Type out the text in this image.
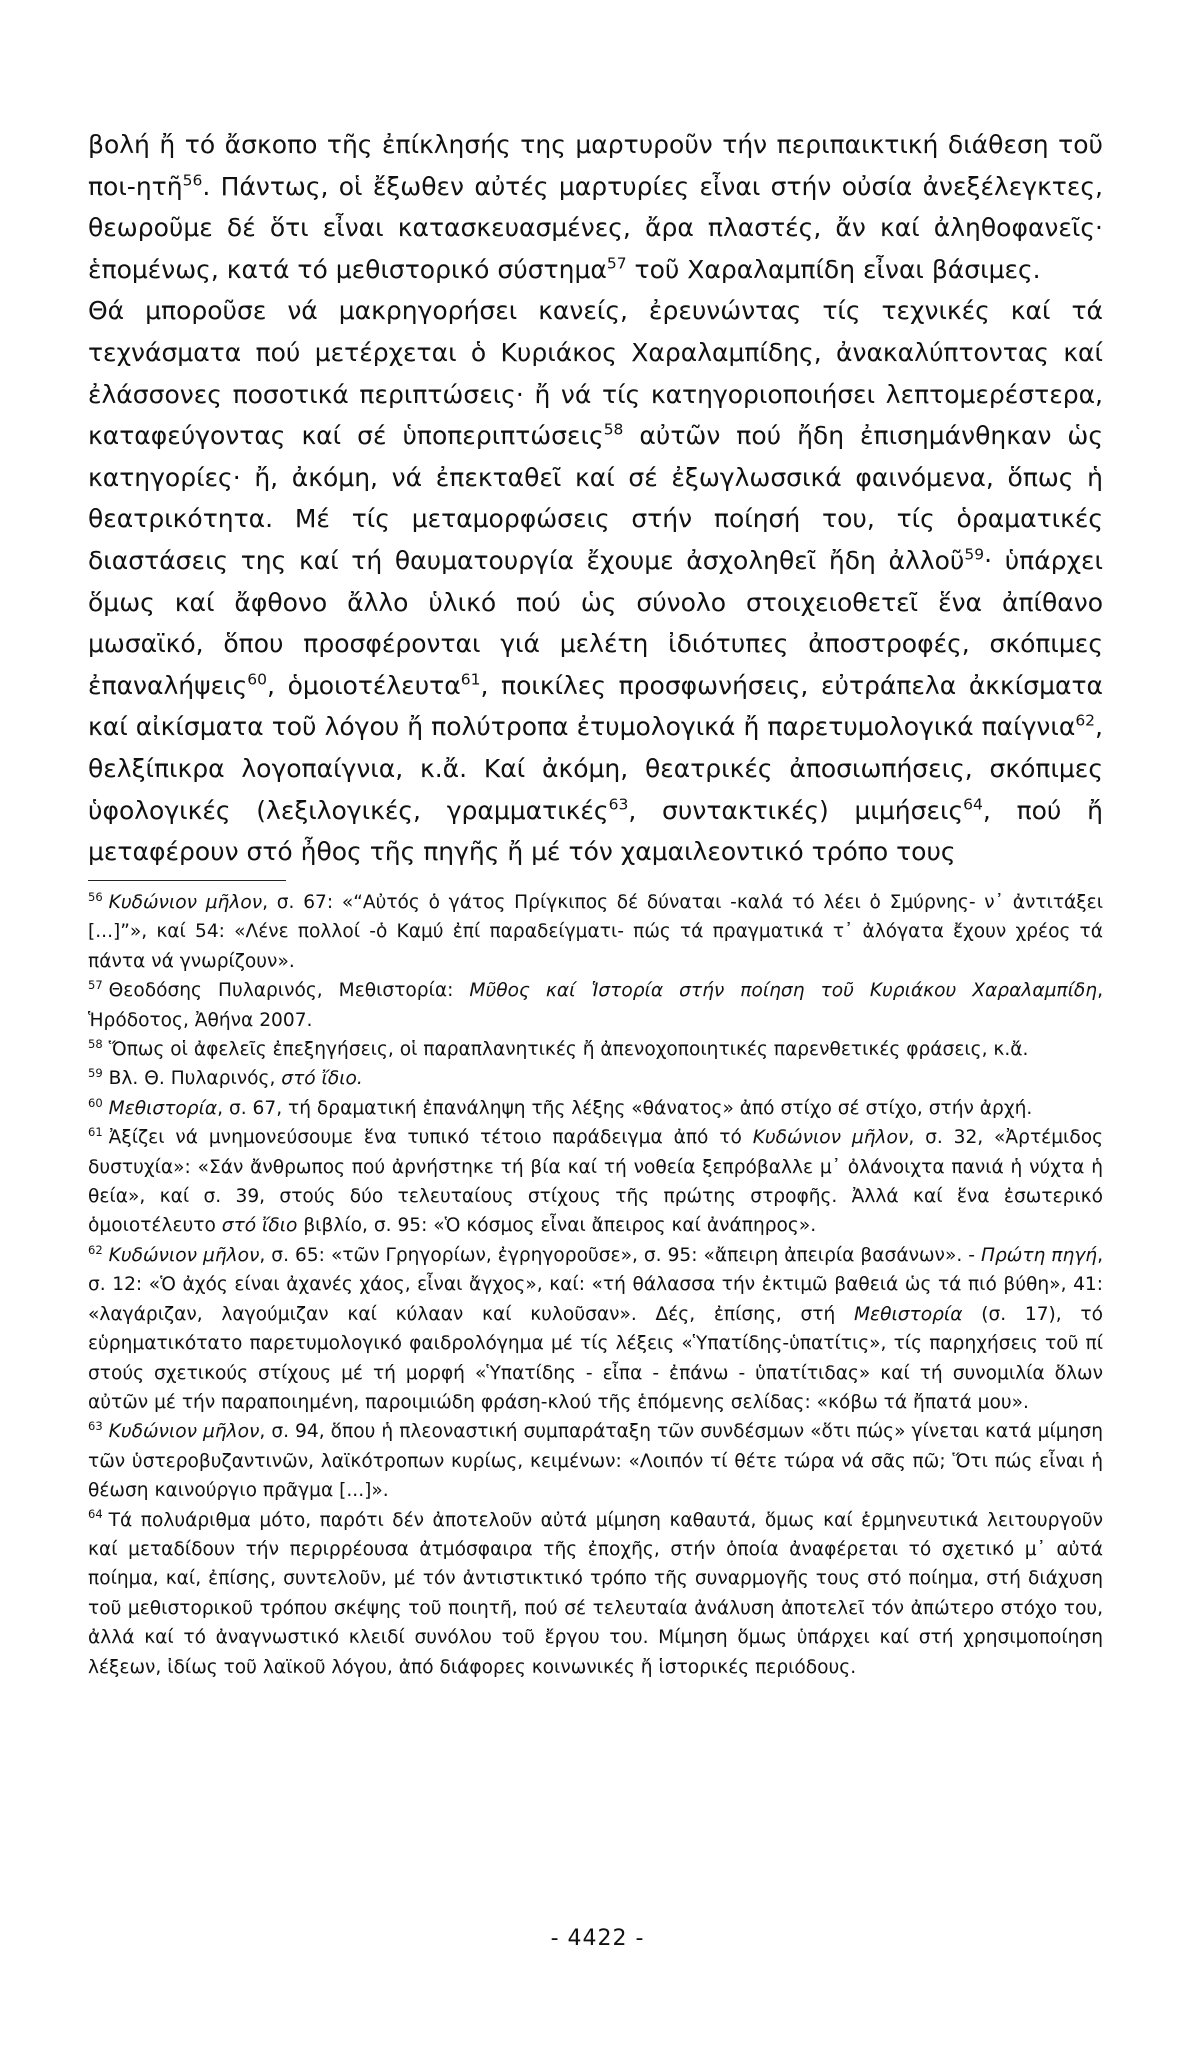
βολή ἤ τό ἄσκοπο τῆς ἐπίκλησής της μαρτυροῦν τήν περιπαικτική διάθεση τοῦ ποι-ητῆ$^{56}$. Πάντως, οἱ ἔξωθεν αὐτές μαρτυρίες εἶναι στήν οὐσία ἀνεξέλεγκτες, θεωροῦμε δέ ὅτι εἶναι κατασκευασμένες, ἄρα πλαστές, ἄν καί ἀληθοφανεῖς· ἑπομένως, κατά τό μεθιστορικό σύστημα$^{57}$ τοῦ Χαραλαμπίδη εἶναι βάσιμες.

Θά μποροῦσε νά μακρηγορήσει κανείς, ἐρευνώντας τίς τεχνικές καί τά τεχνάσματα πού μετέρχεται ὁ Κυριάκος Χαραλαμπίδης, ἀνακαλύπτοντας καί ἐλάσσονες ποσοτικά περιπτώσεις· ἤ νά τίς κατηγοριοποιήσει λεπτομερέστερα, καταφεύγοντας καί σέ ὑποπεριπτώσεις$^{58}$ αὐτῶν πού ἤδη ἐπισημάνθηκαν ὡς κατηγορίες· ἤ, ἀκόμη, νά ἐπεκταθεῖ καί σέ ἐξωγλωσσικά φαινόμενα, ὅπως ἡ θεατρικότητα. Μέ τίς μεταμορφώσεις στήν ποίησή του, τίς ὁραματικές διαστάσεις της καί τή θαυματουργία ἔχουμε ἀσχοληθεῖ ἤδη ἀλλοῦ$^{59}$· ὑπάρχει ὅμως καί ἄφθονο ἄλλο ὑλικό πού ὡς σύνολο στοιχειοθετεῖ ἕνα ἀπίθανο μωσαϊκό, ὅπου προσφέρονται γιά μελέτη ἰδιότυπες ἀποστροφές, σκόπιμες ἐπαναλήψεις$^{60}$, ὁμοιοτέλευτα$^{61}$, ποικίλες προσφωνήσεις, εὐτράπελα ἀκκίσματα καί αἰκίσματα τοῦ λόγου ἤ πολύτροπα ἐτυμολογικά ἤ παρετυμολογικά παίγνια$^{62}$, θελξίπικρα λογοπαίγνια, κ.ἄ. Καί ἀκόμη, θεατρικές ἀποσιωπήσεις, σκόπιμες ὑφολογικές (λεξιλογικές, γραμματικές$^{63}$, συντακτικές) μιμήσεις$^{64}$, πού ἤ μεταφέρουν στό ἦθος τῆς πηγῆς ἤ μέ τόν χαμαιλεοντικό τρόπο τους

$^{56}$ Κυδώνιον μῆλον, σ. 67: «“Αὐτός ὁ γάτος Πρίγκιπος δέ δύναται -καλά τό λέει ὁ Σμύρνης- ν᾽ ἀντιτάξει [...]”», καί 54: «Λένε πολλοί -ὁ Καμύ ἐπί παραδείγματι- πώς τά πραγματικά τ᾽ ἀλόγατα ἔχουν χρέος τά πάντα νά γνωρίζουν».

$^{57}$ Θεοδόσης Πυλαρινός, Μεθιστορία: Μῦθος καί Ἱστορία στήν ποίηση τοῦ Κυριάκου Χαραλαμπίδη, Ἡρόδοτος, Ἀθήνα 2007.

$^{58}$ Ὅπως οἱ ἀφελεῖς ἐπεξηγήσεις, οἱ παραπλανητικές ἤ ἀπενοχοποιητικές παρενθετικές φράσεις, κ.ἄ.

$^{59}$ Βλ. Θ. Πυλαρινός, στό ἴδιο.

$^{60}$ Μεθιστορία, σ. 67, τή δραματική ἐπανάληψη τῆς λέξης «θάνατος» ἀπό στίχο σέ στίχο, στήν ἀρχή.

$^{61}$ Ἀξίζει νά μνημονεύσουμε ἕνα τυπικό τέτοιο παράδειγμα ἀπό τό Κυδώνιον μῆλον, σ. 32, «Ἀρτέμιδος δυστυχία»: «Σάν ἄνθρωπος πού ἀρνήστηκε τή βία καί τή νοθεία ξεπρόβαλλε μ᾽ ὀλάνοιχτα πανιά ἡ νύχτα ἡ θεία», καί σ. 39, στούς δύο τελευταίους στίχους τῆς πρώτης στροφῆς. Ἀλλά καί ἕνα ἐσωτερικό ὁμοιοτέλευτο στό ἴδιο βιβλίο, σ. 95: «Ὁ κόσμος εἶναι ἄπειρος καί ἀνάπηρος».

$^{62}$ Κυδώνιον μῆλον, σ. 65: «τῶν Γρηγορίων, ἐγρηγοροῦσε», σ. 95: «ἄπειρη ἀπειρία βασάνων». - Πρώτη πηγή, σ. 12: «Ὁ ἀχός είναι ἀχανές χάος, εἶναι ἄγχος», καί: «τή θάλασσα τήν ἐκτιμῶ βαθειά ὡς τά πιό βύθη», 41: «λαγάριζαν, λαγούμιζαν καί κύλααν καί κυλοῦσαν». Δές, ἐπίσης, στή Μεθιστορία (σ. 17), τό εὑρηματικότατο παρετυμολογικό φαιδρολόγημα μέ τίς λέξεις «Ὑπατίδης-ὑπατίτις», τίς παρηχήσεις τοῦ πί στούς σχετικούς στίχους μέ τή μορφή «Ὑπατίδης - εἶπα - ἐπάνω - ὑπατίτιδας» καί τή συνομιλία ὅλων αὐτῶν μέ τήν παραποιημένη, παροιμιώδη φράση-κλού τῆς ἑπόμενης σελίδας: «κόβω τά ἤπατά μου».

$^{63}$ Κυδώνιον μῆλον, σ. 94, ὅπου ἡ πλεοναστική συμπαράταξη τῶν συνδέσμων «ὅτι πώς» γίνεται κατά μίμηση τῶν ὑστεροβυζαντινῶν, λαϊκότροπων κυρίως, κειμένων: «Λοιπόν τί θέτε τώρα νά σᾶς πῶ; Ὅτι πώς εἶναι ἡ θέωση καινούργιο πρᾶγμα [...]».

$^{64}$ Τά πολυάριθμα μότο, παρότι δέν ἀποτελοῦν αὐτά μίμηση καθαυτά, ὅμως καί ἑρμηνευτικά λειτουργοῦν καί μεταδίδουν τήν περιρρέουσα ἀτμόσφαιρα τῆς ἐποχῆς, στήν ὁποία ἀναφέρεται τό σχετικό μ᾽ αὐτά ποίημα, καί, ἐπίσης, συντελοῦν, μέ τόν ἀντιστικτικό τρόπο τῆς συναρμογῆς τους στό ποίημα, στή διάχυση τοῦ μεθιστορικοῦ τρόπου σκέψης τοῦ ποιητῆ, πού σέ τελευταία ἀνάλυση ἀποτελεῖ τόν ἀπώτερο στόχο του, ἀλλά καί τό ἀναγνωστικό κλειδί συνόλου τοῦ ἔργου του. Μίμηση ὅμως ὑπάρχει καί στή χρησιμοποίηση λέξεων, ἰδίως τοῦ λαϊκοῦ λόγου, ἀπό διάφορες κοινωνικές ἤ ἱστορικές περιόδους.

- 4422 -
